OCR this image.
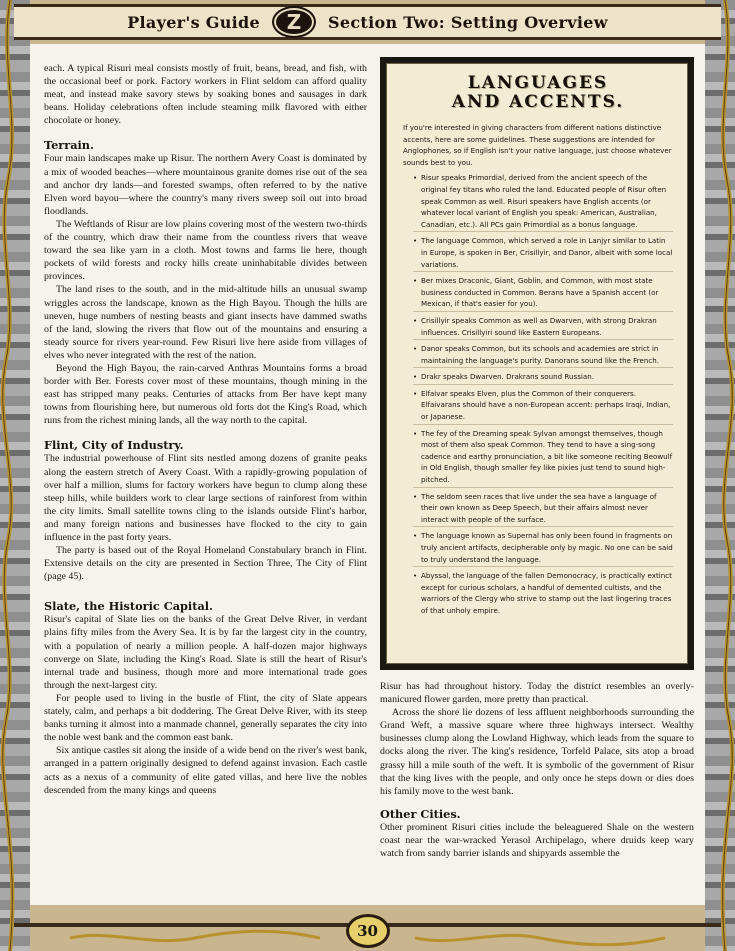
Player's Guide	Z	Section Two: Setting Overview

each. A typical Risuri meal consists mostly of fruit, beans, bread, and fish, with the occasional beef or pork. Factory workers in Flint seldom can afford quality meat, and instead make savory stews by soaking bones and sausages in dark beans. Holiday celebrations often include steaming milk flavored with either chocolate or honey.

Terrain.

Four main landscapes make up Risur. The northern Avery Coast is dominated by a mix of wooded beaches—where mountainous granite domes rise out of the sea and anchor dry lands—and forested swamps, often referred to by the native Elven word bayou—where the country's many rivers sweep soil out into broad floodlands.

The Weftlands of Risur are low plains covering most of the western two-thirds of the country, which draw their name from the countless rivers that weave toward the sea like yarn in a cloth. Most towns and farms lie here, though pockets of wild forests and rocky hills create uninhabitable divides between provinces.

The land rises to the south, and in the mid-altitude hills an unusual swamp wriggles across the landscape, known as the High Bayou. Though the hills are uneven, huge numbers of nesting beasts and giant insects have dammed swaths of the land, slowing the rivers that flow out of the mountains and ensuring a steady source for rivers year-round. Few Risuri live here aside from villages of elves who never integrated with the rest of the nation.

Beyond the High Bayou, the rain-carved Anthras Mountains forms a broad border with Ber. Forests cover most of these mountains, though mining in the east has stripped many peaks. Centuries of attacks from Ber have kept many towns from flourishing here, but numerous old forts dot the King's Road, which runs from the richest mining lands, all the way north to the capital.

Flint, City of Industry.

The industrial powerhouse of Flint sits nestled among dozens of granite peaks along the eastern stretch of Avery Coast. With a rapidly-growing population of over half a million, slums for factory workers have begun to clump along these steep hills, while builders work to clear large sections of rainforest from within the city limits. Small satellite towns cling to the islands outside Flint's harbor, and many foreign nations and businesses have flocked to the city to gain influence in the past forty years.

The party is based out of the Royal Homeland Constabulary branch in Flint. Extensive details on the city are presented in Section Three, The City of Flint (page 45).

Slate, the Historic Capital.

Risur's capital of Slate lies on the banks of the Great Delve River, in verdant plains fifty miles from the Avery Sea. It is by far the largest city in the country, with a population of nearly a million people. A half-dozen major highways converge on Slate, including the King's Road. Slate is still the heart of Risur's internal trade and business, though more and more international trade goes through the next-largest city.

For people used to living in the bustle of Flint, the city of Slate appears stately, calm, and perhaps a bit doddering. The Great Delve River, with its steep banks turning it almost into a manmade channel, generally separates the city into the noble west bank and the common east bank.

Six antique castles sit along the inside of a wide bend on the river's west bank, arranged in a pattern originally designed to defend against invasion. Each castle acts as a nexus of a community of elite gated villas, and here live the nobles descended from the many kings and queens

LANGUAGES
AND ACCENTS.

If you're interested in giving characters from different nations distinctive accents, here are some guidelines. These suggestions are intended for Anglophones, so if English isn't your native language, just choose whatever sounds best to you.

• Risur speaks Primordial, derived from the ancient speech of the original fey titans who ruled the land. Educated people of Risur often speak Common as well. Risuri speakers have English accents (or whatever local variant of English you speak: American, Australian, Canadian, etc.). All PCs gain Primordial as a bonus language.
• The language Common, which served a role in Lanjyr similar to Latin in Europe, is spoken in Ber, Crisillyir, and Danor, albeit with some local variations.
• Ber mixes Draconic, Giant, Goblin, and Common, with most state business conducted in Common. Berans have a Spanish accent (or Mexican, if that's easier for you).
• Crisillyir speaks Common as well as Dwarven, with strong Drakran influences. Crisillyiri sound like Eastern Europeans.
• Danor speaks Common, but its schools and academies are strict in maintaining the language's purity. Danorans sound like the French.
• Drakr speaks Dwarven. Drakrans sound Russian.
• Elfaivar speaks Elven, plus the Common of their conquerers. Elfaivarans should have a non-European accent: perhaps Iraqi, Indian, or Japanese.
• The fey of the Dreaming speak Sylvan amongst themselves, though most of them also speak Common. They tend to have a sing-song cadence and earthy pronunciation, a bit like someone reciting Beowulf in Old English, though smaller fey like pixies just tend to sound high-pitched.
• The seldom seen races that live under the sea have a language of their own known as Deep Speech, but their affairs almost never interact with people of the surface.
• The language known as Supernal has only been found in fragments on truly ancient artifacts, decipherable only by magic. No one can be said to truly understand the language.
• Abyssal, the language of the fallen Demonocracy, is practically extinct except for curious scholars, a handful of demented cultists, and the warriors of the Clergy who strive to stamp out the last lingering traces of that unholy empire.

Risur has had throughout history. Today the district resembles an overly-manicured flower garden, more pretty than practical.

Across the shore lie dozens of less affluent neighborhoods surrounding the Grand Weft, a massive square where three highways intersect. Wealthy businesses clump along the Lowland Highway, which leads from the square to docks along the river. The king's residence, Torfeld Palace, sits atop a broad grassy hill a mile south of the weft. It is symbolic of the government of Risur that the king lives with the people, and only once he steps down or dies does his family move to the west bank.

Other Cities.

Other prominent Risuri cities include the beleaguered Shale on the western coast near the war-wracked Yerasol Archipelago, where druids keep wary watch from sandy barrier islands and shipyards assemble the

30
